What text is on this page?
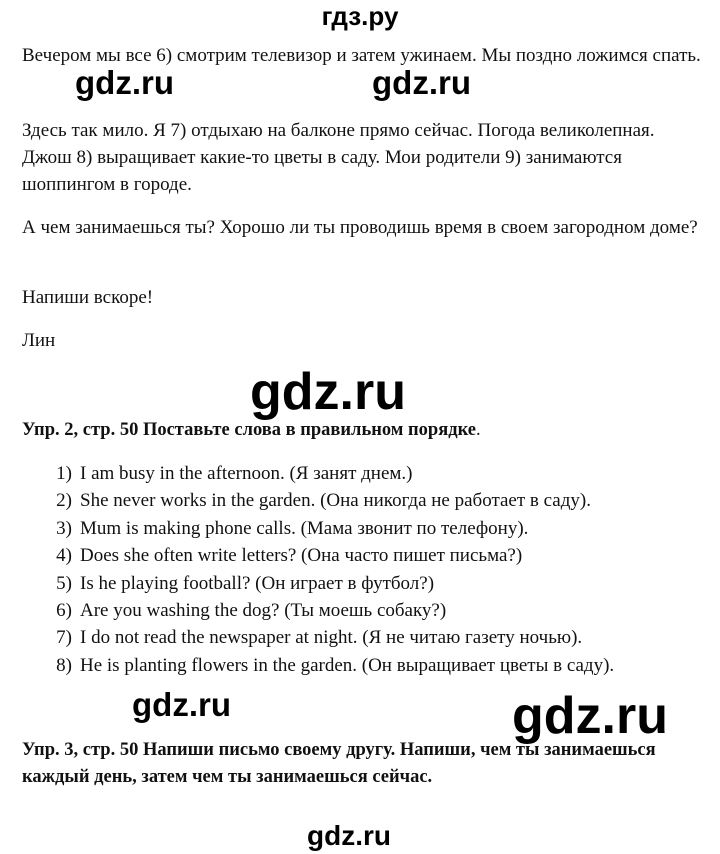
гдз.ру

Вечером мы все 6) смотрим телевизор и затем ужинаем. Мы поздно ложимся спать.

Здесь так мило. Я 7) отдыхаю на балконе прямо сейчас. Погода великолепная. Джош 8) выращивает какие-то цветы в саду. Мои родители 9) занимаются шоппингом в городе.

А чем занимаешься ты? Хорошо ли ты проводишь время в своем загородном доме?

Напиши вскоре!

Лин

Упр. 2, стр. 50 Поставьте слова в правильном порядке.

1) I am busy in the afternoon. (Я занят днем.)
2) She never works in the garden. (Она никогда не работает в саду).
3) Mum is making phone calls. (Мама звонит по телефону).
4) Does she often write letters? (Она часто пишет письма?)
5) Is he playing football? (Он играет в футбол?)
6) Are you washing the dog? (Ты моешь собаку?)
7) I do not read the newspaper at night. (Я не читаю газету ночью).
8) He is planting flowers in the garden. (Он выращивает цветы в саду).

Упр. 3, стр. 50 Напиши письмо своему другу. Напиши, чем ты занимаешься каждый день, затем чем ты занимаешься сейчас.

gdz.ru	gdz.ru
gdz.ru
gdz.ru	gdz.ru
gdz.ru
